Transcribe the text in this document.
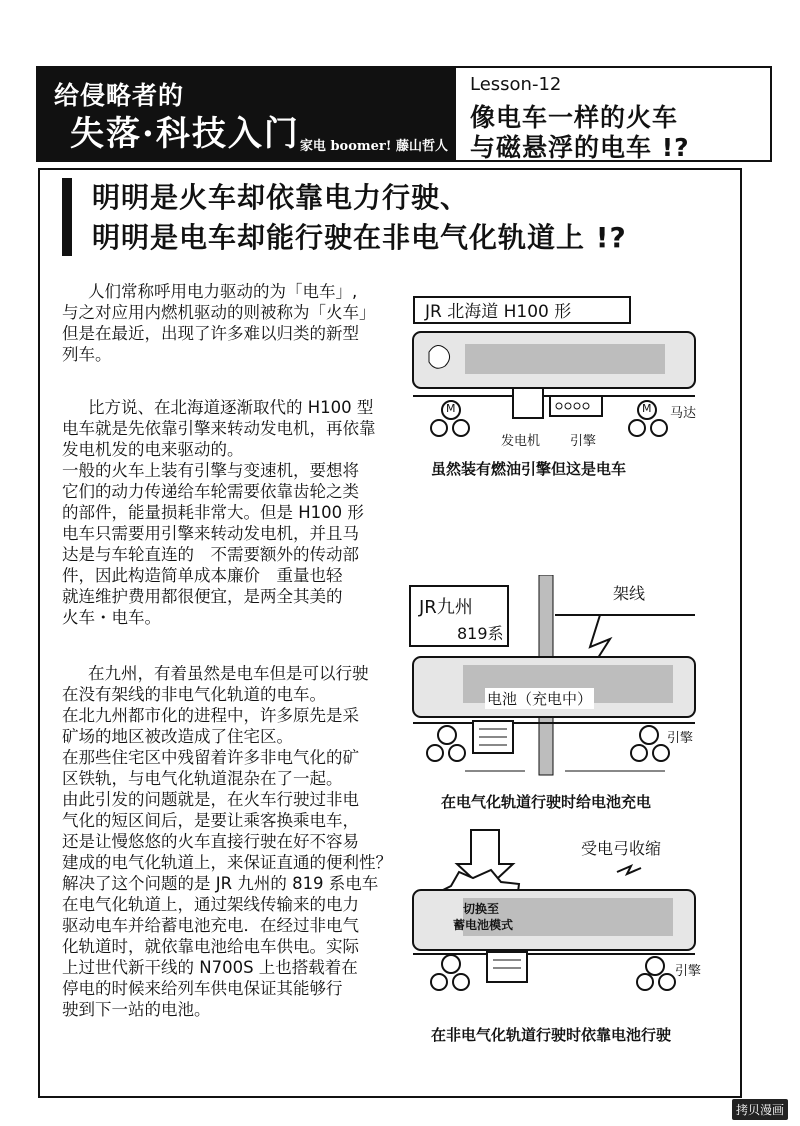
给侵略者的
失落·科技入门 家电 boomer! 藤山哲人
Lesson-12
像电车一样的火车
与磁悬浮的电车 !?
明明是火车却依靠电力行驶、
明明是电车却能行驶在非电气化轨道上 !?
人们常称呼用电力驱动的为「电车」,
与之对应用内燃机驱动的则被称为「火车」
但是在最近，出现了许多难以归类的新型
列车。
比方说、在北海道逐渐取代的 H100 型
电车就是先依靠引擎来转动发电机，再依靠
发电机发的电来驱动的。
一般的火车上装有引擎与变速机，要想将
它们的动力传递给车轮需要依靠齿轮之类
的部件，能量损耗非常大。但是 H100 形
电车只需要用引擎来转动发电机，并且马
达是与车轮直连的　不需要额外的传动部
件，因此构造简单成本廉价　重量也轻
就连维护费用都很便宜，是两全其美的
火车・电车。
在九州，有着虽然是电车但是可以行驶
在没有架线的非电气化轨道的电车。
在北九州都市化的进程中，许多原先是采
矿场的地区被改造成了住宅区。
在那些住宅区中残留着许多非电气化的矿
区铁轨，与电气化轨道混杂在了一起。
由此引发的问题就是，在火车行驶过非电
气化的短区间后，是要让乘客换乘电车，
还是让慢悠悠的火车直接行驶在好不容易
建成的电气化轨道上，来保证直通的便利性？
解决了这个问题的是 JR 九州的 819 系电车
在电气化轨道上，通过架线传输来的电力
驱动电车并给蓄电池充电．在经过非电气
化轨道时，就依靠电池给电车供电。实际
上过世代新干线的 N700S 上也搭载着在
停电的时候来给列车供电保证其能够行
驶到下一站的电池。
JR 北海道 H100 形
M	M 马达
发电机 引擎
虽然装有燃油引擎但这是电车
JR九州
819系
架线
电池（充电中）
引擎
在电气化轨道行驶时给电池充电
受电弓收缩
切换至
蓄电池模式
引擎
在非电气化轨道行驶时依靠电池行驶
拷贝漫画
